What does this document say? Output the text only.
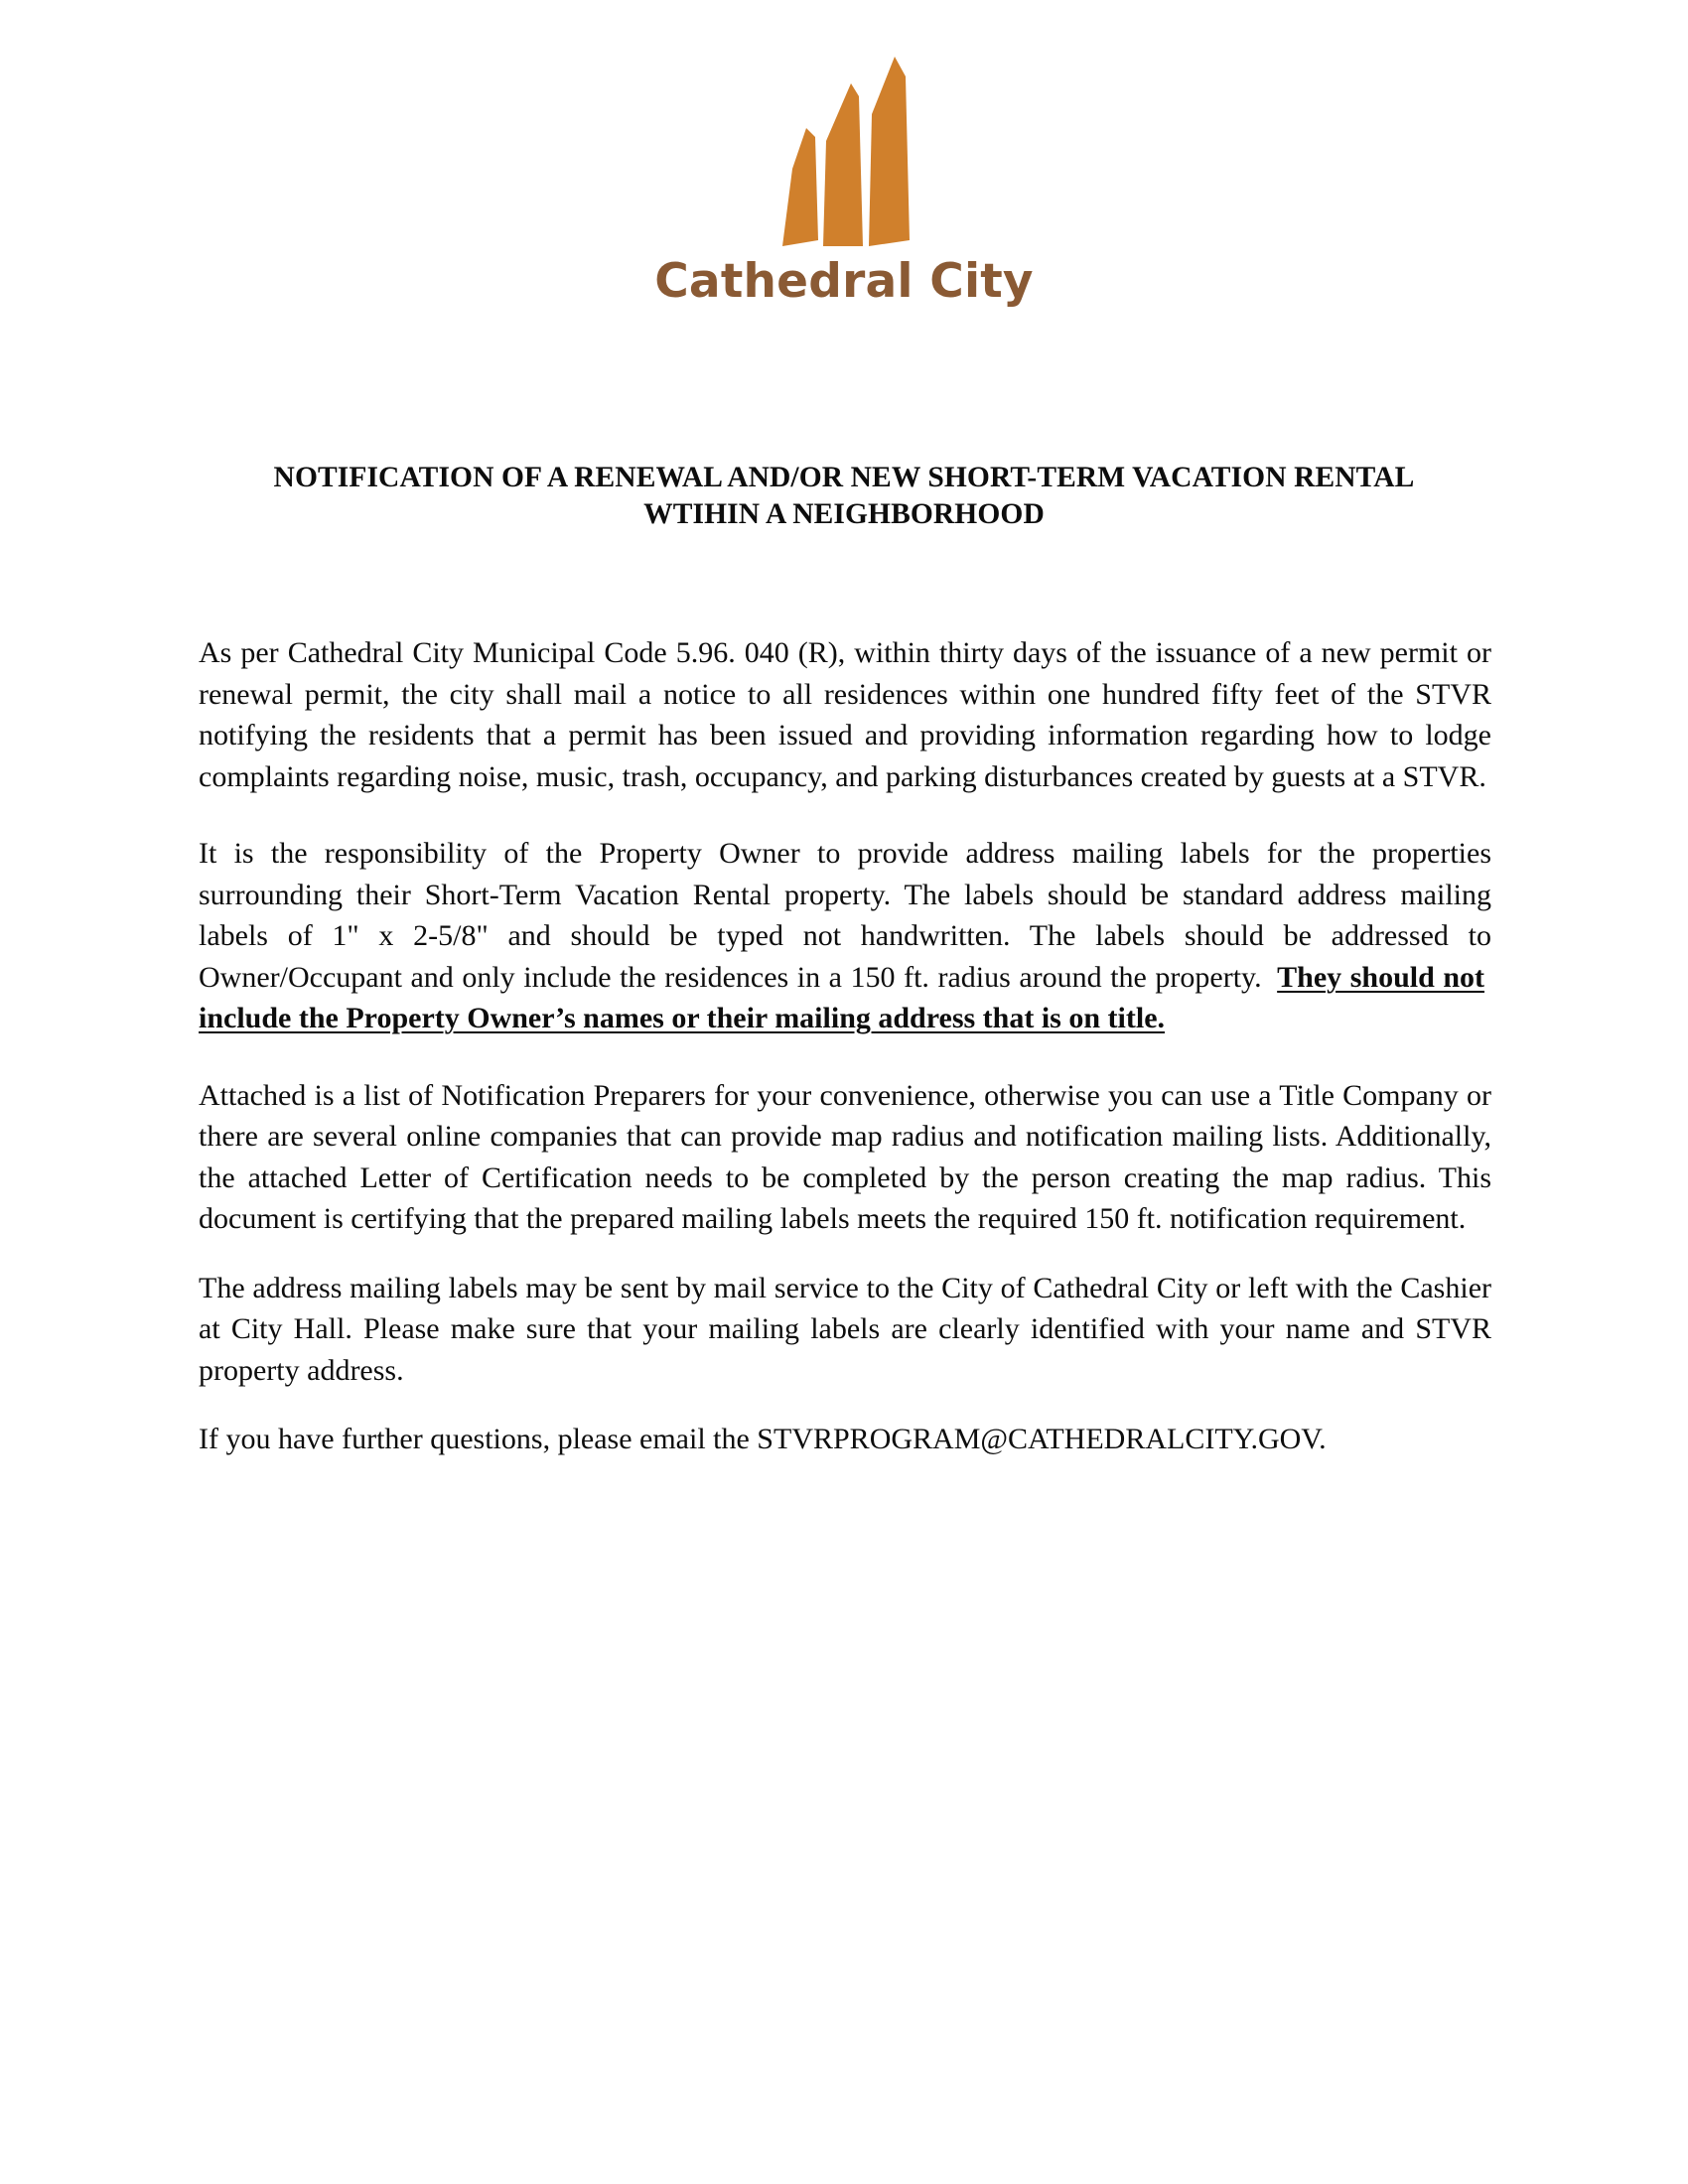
Cathedral City
NOTIFICATION OF A RENEWAL AND/OR NEW SHORT-TERM VACATION RENTAL
WTIHIN A NEIGHBORHOOD

As per Cathedral City Municipal Code 5.96. 040 (R), within thirty days of the issuance of a new permit or renewal permit, the city shall mail a notice to all residences within one hundred fifty feet of the STVR notifying the residents that a permit has been issued and providing information regarding how to lodge complaints regarding noise, music, trash, occupancy, and parking disturbances created by guests at a STVR.

It is the responsibility of the Property Owner to provide address mailing labels for the properties surrounding their Short-Term Vacation Rental property. The labels should be standard address mailing labels of 1" x 2-5/8" and should be typed not handwritten. The labels should be addressed to Owner/Occupant and only include the residences in a 150 ft. radius around the property. They should notinclude the Property Owner’s names or their mailing address that is on title.

Attached is a list of Notification Preparers for your convenience, otherwise you can use a Title Company or there are several online companies that can provide map radius and notification mailing lists. Additionally, the attached Letter of Certification needs to be completed by the person creating the map radius. This document is certifying that the prepared mailing labels meets the required 150 ft. notification requirement.

The address mailing labels may be sent by mail service to the City of Cathedral City or left with the Cashier at City Hall. Please make sure that your mailing labels are clearly identified with your name and STVR property address.

If you have further questions, please email the STVRPROGRAM@CATHEDRALCITY.GOV.
